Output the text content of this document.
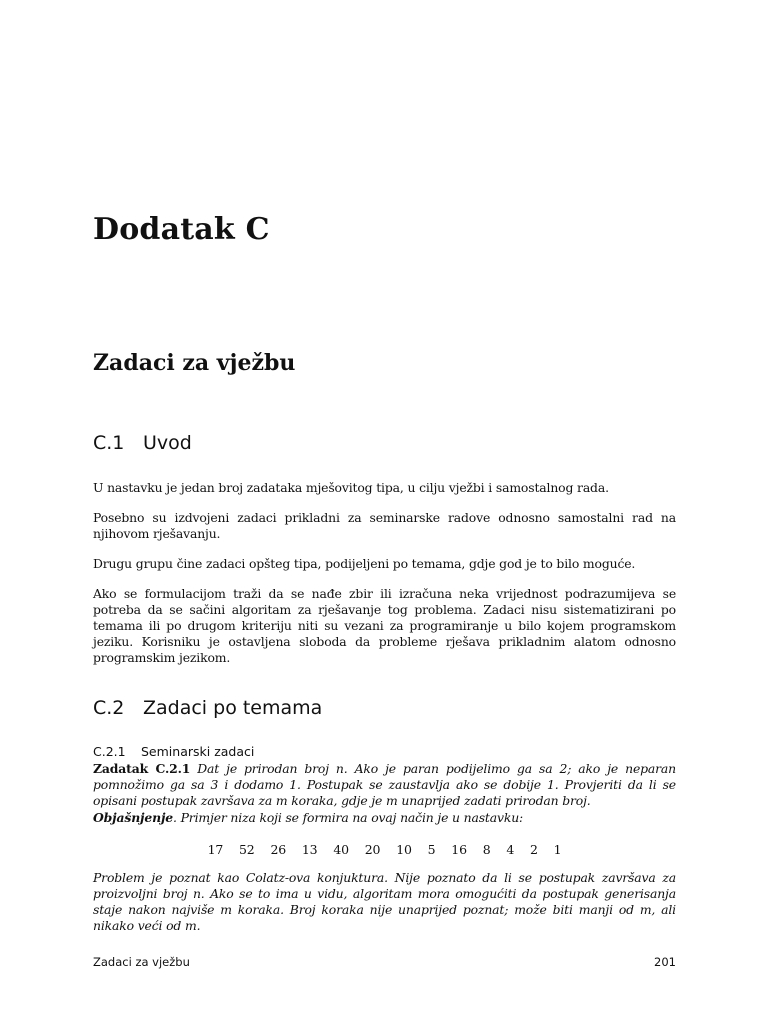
Dodatak C
Zadaci za vježbu
C.1 Uvod

U nastavku je jedan broj zadataka mješovitog tipa, u cilju vježbi i samostalnog rada.

Posebno su izdvojeni zadaci prikladni za seminarske radove odnosno samostalni rad na njihovom rješavanju.

Drugu grupu čine zadaci opšteg tipa, podijeljeni po temama, gdje god je to bilo moguće.

Ako se formulacijom traži da se nađe zbir ili izračuna neka vrijednost podrazumijeva se potreba da se sačini algoritam za rješavanje tog problema. Zadaci nisu sistematizirani po temama ili po drugom kriteriju niti su vezani za programiranje u bilo kojem programskom jeziku. Korisniku je ostavljena sloboda da probleme rješava prikladnim alatom odnosno programskim jezikom.

C.2 Zadaci po temama
C.2.1 Seminarski zadaci

Zadatak C.2.1 Dat je prirodan broj n. Ako je paran podijelimo ga sa 2; ako je neparan pomnožimo ga sa 3 i dodamo 1. Postupak se zaustavlja ako se dobije 1. Provjeriti da li se opisani postupak završava za m koraka, gdje je m unaprijed zadati prirodan broj.

Objašnjenje. Primjer niza koji se formira na ovaj način je u nastavku:

17 52 26 13 40 20 10 5 16 8 4 2 1

Problem je poznat kao Colatz-ova konjuktura. Nije poznato da li se postupak završava za proizvoljni broj n. Ako se to ima u vidu, algoritam mora omogućiti da postupak generisanja staje nakon najviše m koraka. Broj koraka nije unaprijed poznat; može biti manji od m, ali nikako veći od m.

Zadaci za vježbu	201
